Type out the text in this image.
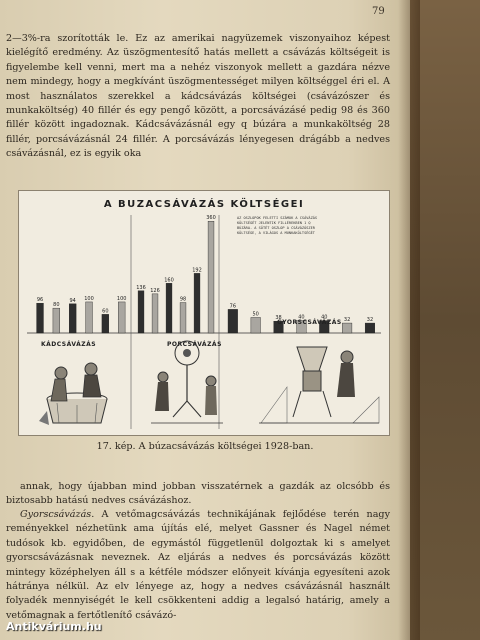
79

2—3%-ra szorították le. Ez az amerikai nagyüzemek viszonyaihoz képest kielégítő eredmény. Az üszögmentesítő hatás mellett a csávázás költségeit is figyelembe kell venni, mert ma a nehéz viszonyok mellett a gazdára nézve nem mindegy, hogy a megkívánt üszögmentességet milyen költséggel éri el. A most használatos szerekkel a kádcsávázás költségei (csávázószer és munkaköltség) 40 fillér és egy pengő között, a porcsávázásé pedig 98 és 360 fillér között ingadoznak. Kádcsávázásnál egy q búzára a munkaköltség 28 fillér, porcsávázásnál 24 fillér. A porcsávázás lényegesen drágább a nedves csávázásnál, ez is egyik oka

A BUZACSÁVÁZÁS KÖLTSÉGEI
AZ OSZLOPOK FELETTI SZÁMOK A CSÁVÁZÁS KÖLTSÉGÉT JELENTIK FILLÉREKBEN 1 Q BÚZÁRA. A SÖTÉT OSZLOP A CSÁVÁZÓSZER KÖLTSÉGE, A VILÁGOS A MUNKAKÖLTSÉGÉT
96
80
94 100
60
100
136
126
160
98
192
360
76
50
38	40	40	32	32
KÁDCSÁVÁZÁS	PORCSÁVÁZÁS
GYORSCSÁVÁZÁS
17. kép. A búzacsávázás költségei 1928-ban.

annak, hogy újabban mind jobban visszatérnek a gazdák az olcsóbb és biztosabb hatású nedves csávázáshoz.

Gyorscsávázás. A vetőmagcsávázás technikájának fejlődése terén nagy reményekkel nézhetünk ama újítás elé, melyet Gassner és Nagel német tudósok kb. egyidőben, de egymástól függetlenül dolgoztak ki s amelyet gyorscsávázásnak neveznek. Az eljárás a nedves és porcsávázás között mintegy középhelyen áll s a kétféle módszer előnyeit kívánja egyesíteni azok hátránya nélkül. Az elv lényege az, hogy a nedves csávázásnál használt folyadék mennyiségét le kell csökkenteni addig a legalsó határig, amely a vetőmagnak a fertőtlenítő csávázó-

Antikvárium.hu
